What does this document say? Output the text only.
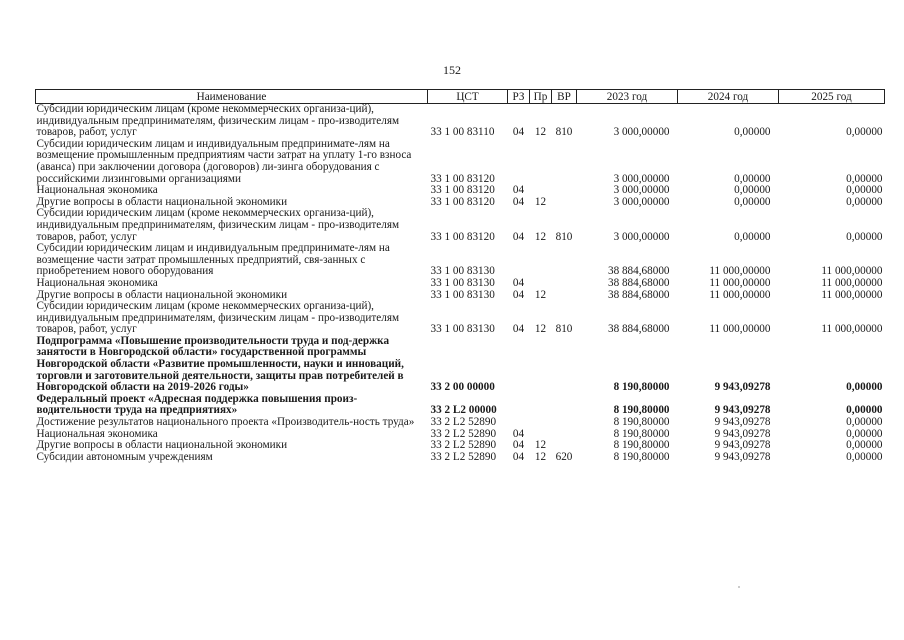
152
Наименование	ЦСТ	РЗ	Пр	ВР	2023 год	2024 год	2025 год
Субсидии юридическим лицам (кроме некоммерческих организа-ций), индивидуальным предпринимателям, физическим лицам - про-изводителям товаров, работ, услуг	33 1 00 83110	04	12	810	3 000,00000	0,00000	0,00000
Субсидии юридическим лицам и индивидуальным предпринимате-лям на возмещение промышленным предприятиям части затрат на уплату 1-го взноса (аванса) при заключении договора (договоров) ли-зинга оборудования с российскими лизинговыми организациями	33 1 00 83120				3 000,00000	0,00000	0,00000
Национальная экономика	33 1 00 83120	04			3 000,00000	0,00000	0,00000
Другие вопросы в области национальной экономики	33 1 00 83120	04	12		3 000,00000	0,00000	0,00000
Субсидии юридическим лицам (кроме некоммерческих организа-ций), индивидуальным предпринимателям, физическим лицам - про-изводителям товаров, работ, услуг	33 1 00 83120	04	12	810	3 000,00000	0,00000	0,00000
Субсидии юридическим лицам и индивидуальным предпринимате-лям на возмещение части затрат промышленных предприятий, свя-занных с приобретением нового оборудования	33 1 00 83130				38 884,68000	11 000,00000	11 000,00000
Национальная экономика	33 1 00 83130	04			38 884,68000	11 000,00000	11 000,00000
Другие вопросы в области национальной экономики	33 1 00 83130	04	12		38 884,68000	11 000,00000	11 000,00000
Субсидии юридическим лицам (кроме некоммерческих организа-ций), индивидуальным предпринимателям, физическим лицам - про-изводителям товаров, работ, услуг	33 1 00 83130	04	12	810	38 884,68000	11 000,00000	11 000,00000
Подпрограмма «Повышение производительности труда и под-держка занятости в Новгородской области» государственной программы Новгородской области «Развитие промышленности, науки и инноваций, торговли и заготовительной деятельности, защиты прав потребителей в Новгородской области на 2019-2026 годы»	33 2 00 00000				8 190,80000	9 943,09278	0,00000
Федеральный проект «Адресная поддержка повышения произ-водительности труда на предприятиях»	33 2 L2 00000				8 190,80000	9 943,09278	0,00000
Достижение результатов национального проекта «Производитель-ность труда»	33 2 L2 52890				8 190,80000	9 943,09278	0,00000
Национальная экономика	33 2 L2 52890	04			8 190,80000	9 943,09278	0,00000
Другие вопросы в области национальной экономики	33 2 L2 52890	04	12		8 190,80000	9 943,09278	0,00000
Субсидии автономным учреждениям	33 2 L2 52890	04	12	620	8 190,80000	9 943,09278	0,00000
